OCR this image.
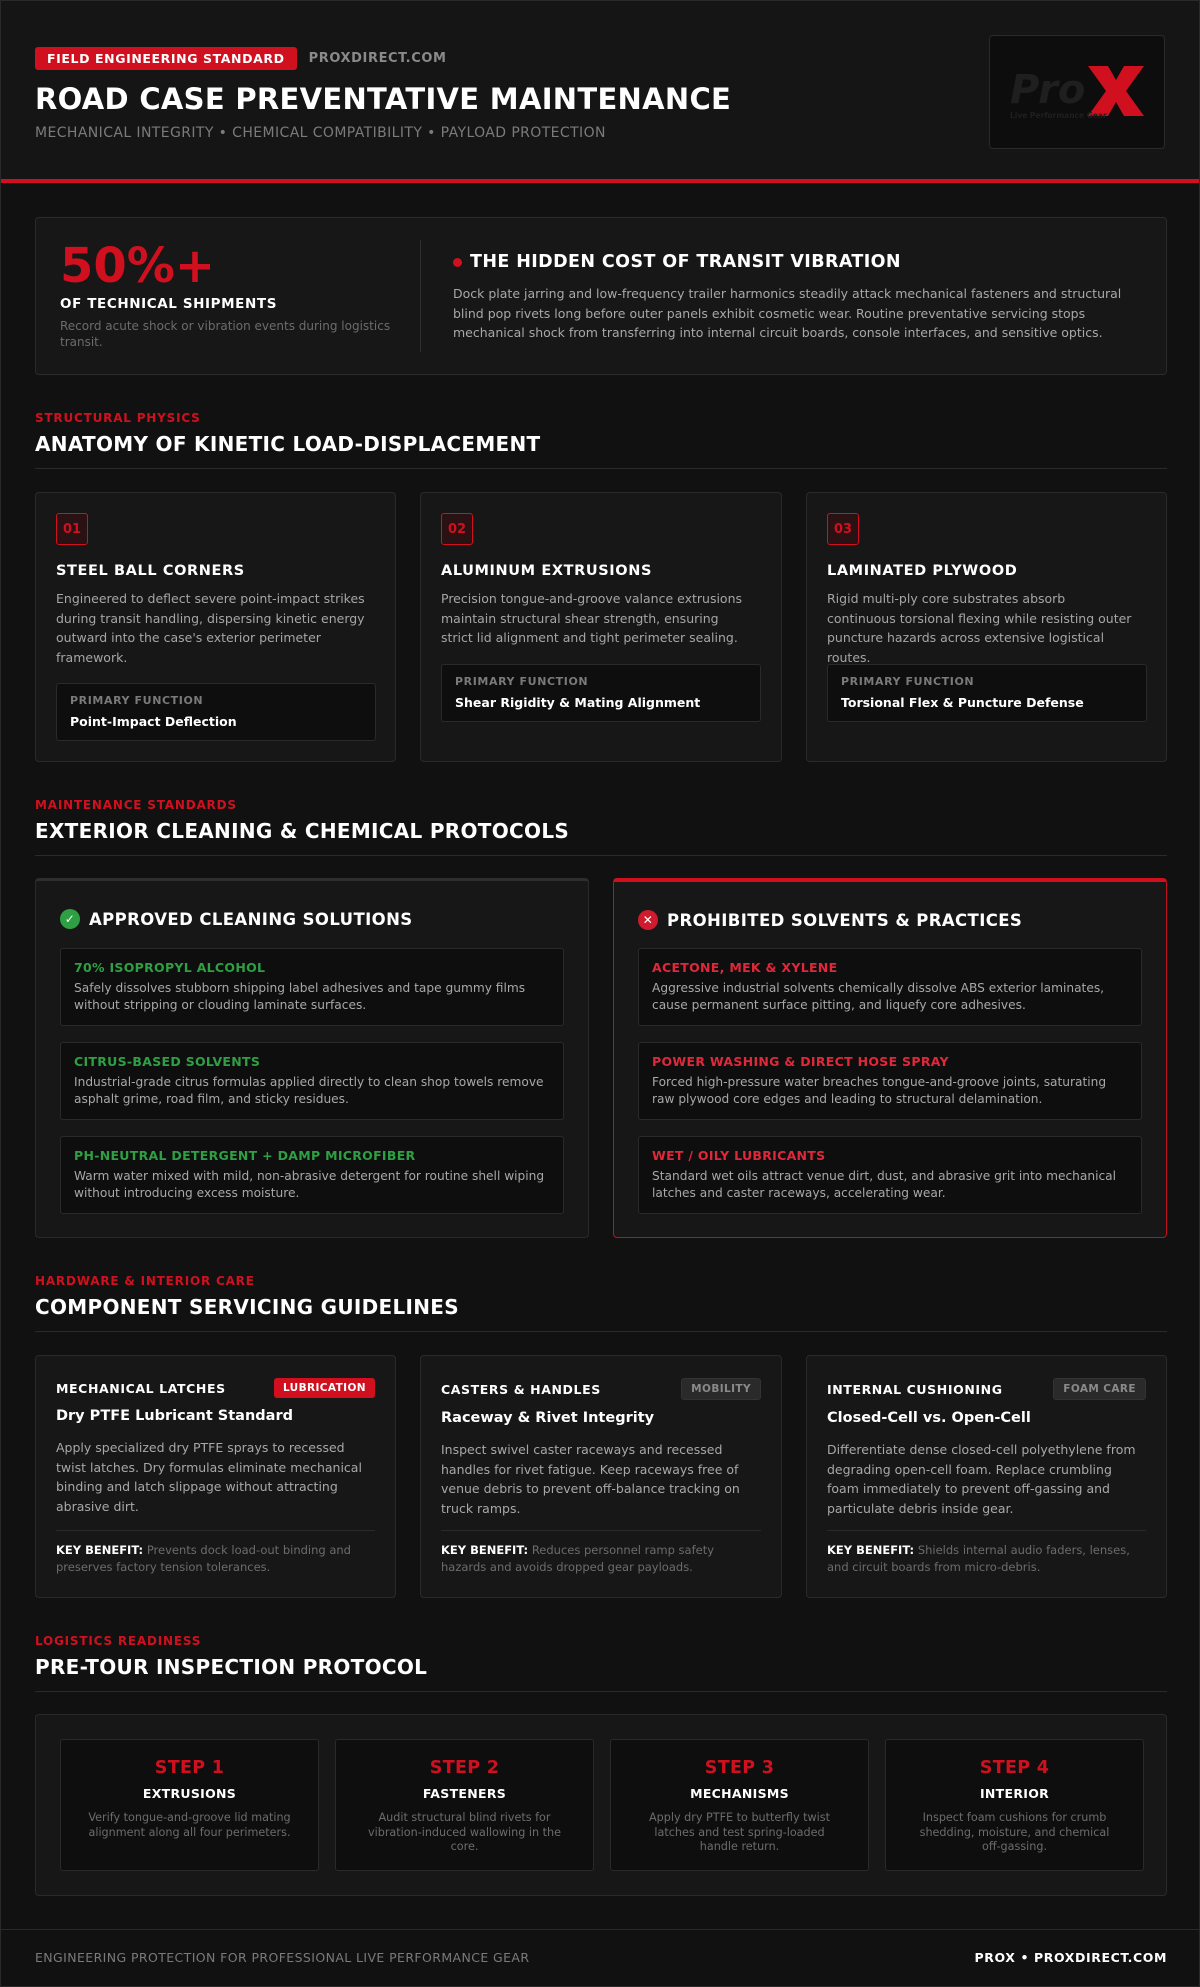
FIELD ENGINEERING STANDARD	PROXDIRECT.COM
ROAD CASE PREVENTATIVE MAINTENANCE
MECHANICAL INTEGRITY • CHEMICAL COMPATIBILITY • PAYLOAD PROTECTION
Pro
Live Performance Gear
50%+
OF TECHNICAL SHIPMENTS
Record acute shock or vibration events during logistics transit.
THE HIDDEN COST OF TRANSIT VIBRATION
Dock plate jarring and low-frequency trailer harmonics steadily attack mechanical fasteners and structural blind pop rivets long before outer panels exhibit cosmetic wear. Routine preventative servicing stops mechanical shock from transferring into internal circuit boards, console interfaces, and sensitive optics.
STRUCTURAL PHYSICS
ANATOMY OF KINETIC LOAD-DISPLACEMENT
01
STEEL BALL CORNERS
Engineered to deflect severe point-impact strikes during transit handling, dispersing kinetic energy outward into the case's exterior perimeter framework.
PRIMARY FUNCTION
Point-Impact Deflection
02
ALUMINUM EXTRUSIONS
Precision tongue-and-groove valance extrusions maintain structural shear strength, ensuring strict lid alignment and tight perimeter sealing.
PRIMARY FUNCTION
Shear Rigidity & Mating Alignment
03
LAMINATED PLYWOOD
Rigid multi-ply core substrates absorb continuous torsional flexing while resisting outer puncture hazards across extensive logistical routes.
PRIMARY FUNCTION
Torsional Flex & Puncture Defense
MAINTENANCE STANDARDS
EXTERIOR CLEANING & CHEMICAL PROTOCOLS
✓ APPROVED CLEANING SOLUTIONS
70% ISOPROPYL ALCOHOL
Safely dissolves stubborn shipping label adhesives and tape gummy films without stripping or clouding laminate surfaces.
CITRUS-BASED SOLVENTS
Industrial-grade citrus formulas applied directly to clean shop towels remove asphalt grime, road film, and sticky residues.
PH-NEUTRAL DETERGENT + DAMP MICROFIBER
Warm water mixed with mild, non-abrasive detergent for routine shell wiping without introducing excess moisture.
✕ PROHIBITED SOLVENTS & PRACTICES
ACETONE, MEK & XYLENE
Aggressive industrial solvents chemically dissolve ABS exterior laminates, cause permanent surface pitting, and liquefy core adhesives.
POWER WASHING & DIRECT HOSE SPRAY
Forced high-pressure water breaches tongue-and-groove joints, saturating raw plywood core edges and leading to structural delamination.
WET / OILY LUBRICANTS
Standard wet oils attract venue dirt, dust, and abrasive grit into mechanical latches and caster raceways, accelerating wear.
HARDWARE & INTERIOR CARE
COMPONENT SERVICING GUIDELINES
MECHANICAL LATCHES	LUBRICATION
Dry PTFE Lubricant Standard
Apply specialized dry PTFE sprays to recessed twist latches. Dry formulas eliminate mechanical binding and latch slippage without attracting abrasive dirt.
KEY BENEFIT: Prevents dock load-out binding and preserves factory tension tolerances.
CASTERS & HANDLES	MOBILITY
Raceway & Rivet Integrity
Inspect swivel caster raceways and recessed handles for rivet fatigue. Keep raceways free of venue debris to prevent off-balance tracking on truck ramps.
KEY BENEFIT: Reduces personnel ramp safety hazards and avoids dropped gear payloads.
INTERNAL CUSHIONING	FOAM CARE
Closed-Cell vs. Open-Cell
Differentiate dense closed-cell polyethylene from degrading open-cell foam. Replace crumbling foam immediately to prevent off-gassing and particulate debris inside gear.
KEY BENEFIT: Shields internal audio faders, lenses, and circuit boards from micro-debris.
LOGISTICS READINESS
PRE-TOUR INSPECTION PROTOCOL
STEP 1
EXTRUSIONS
Verify tongue-and-groove lid mating alignment along all four perimeters.
STEP 2
FASTENERS
Audit structural blind rivets for vibration-induced wallowing in the core.
STEP 3
MECHANISMS
Apply dry PTFE to butterfly twist latches and test spring-loaded handle return.
STEP 4
INTERIOR
Inspect foam cushions for crumb shedding, moisture, and chemical off-gassing.
ENGINEERING PROTECTION FOR PROFESSIONAL LIVE PERFORMANCE GEAR	PROX • PROXDIRECT.COM
